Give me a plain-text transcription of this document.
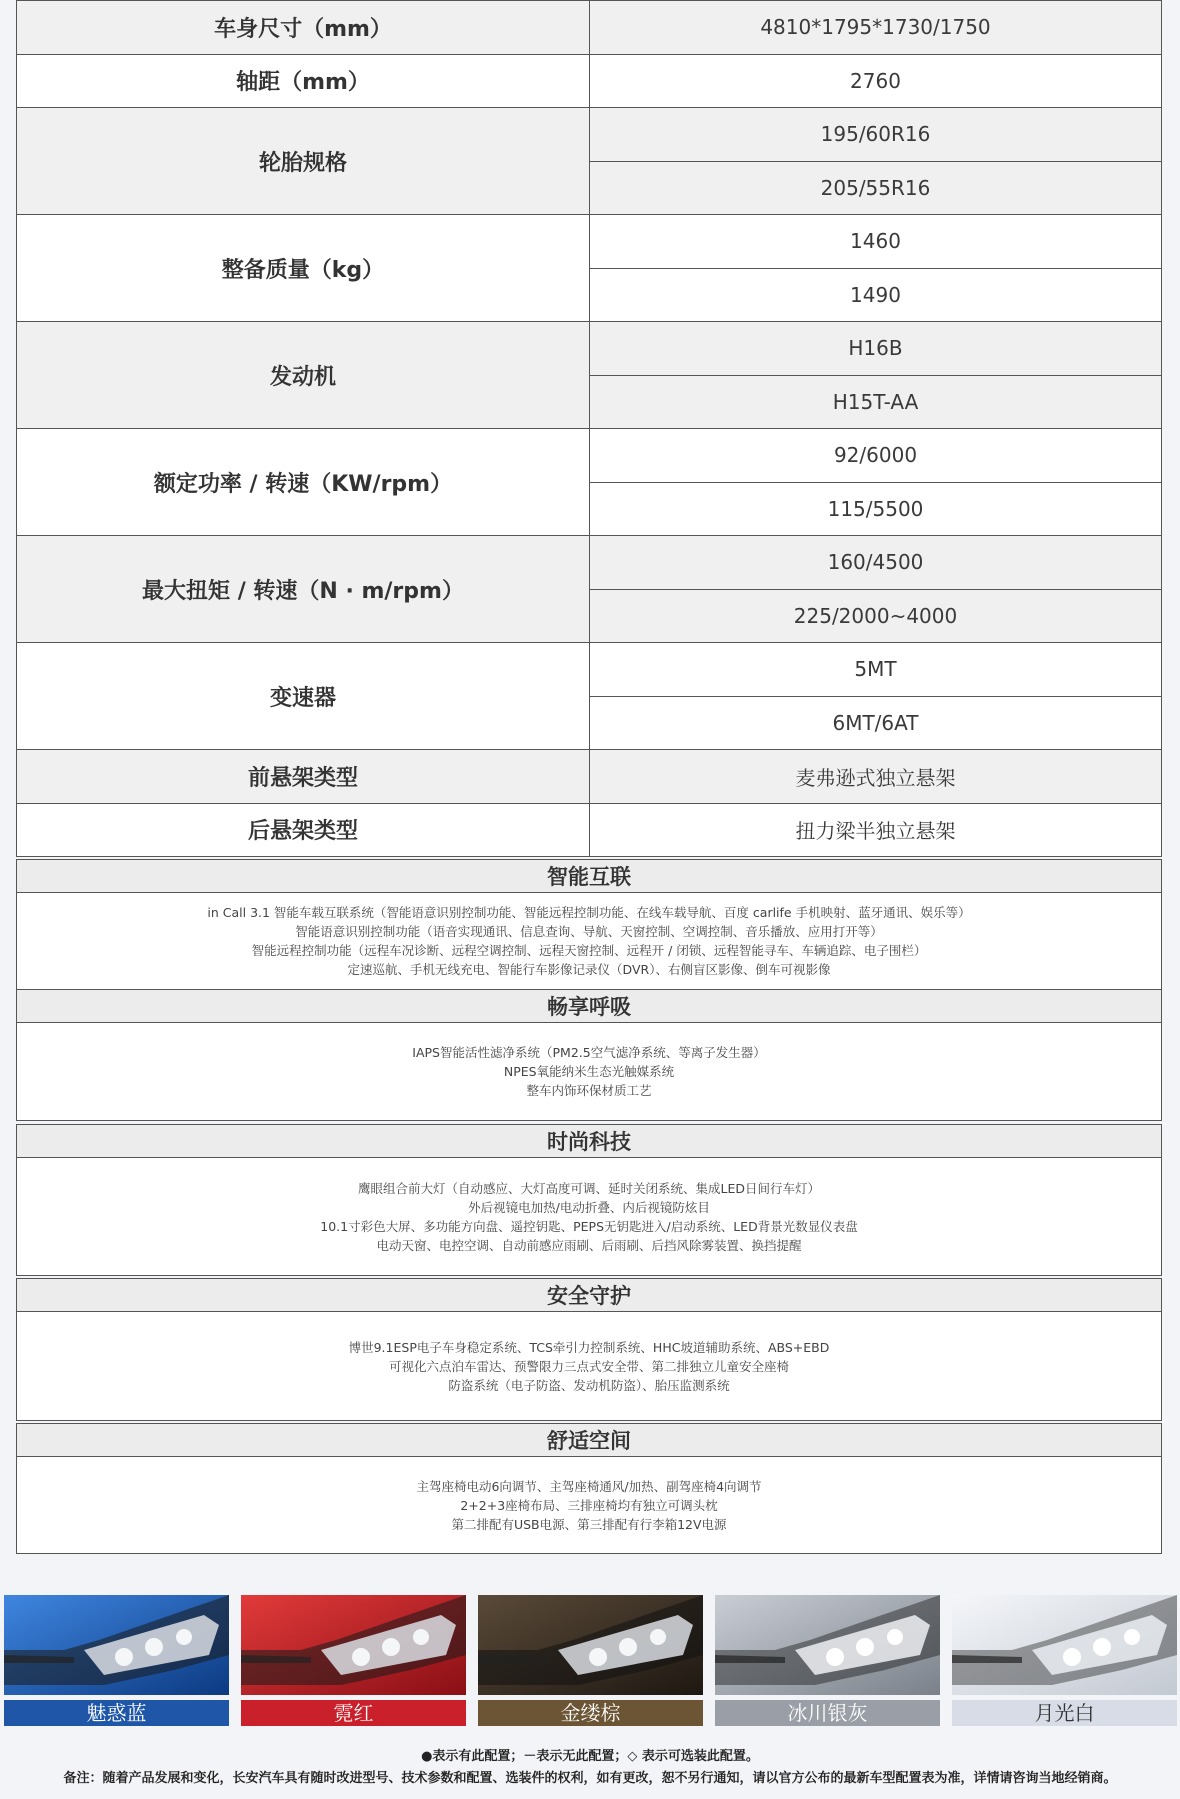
车身尺寸（mm）	4810*1795*1730/1750
轴距（mm）	2760
轮胎规格	195/60R16
	205/55R16
整备质量（kg）	1460
	1490
发动机	H16B
	H15T-AA
额定功率 / 转速（KW/rpm）	92/6000
	115/5500
最大扭矩 / 转速（N · m/rpm）	160/4500
	225/2000~4000
变速器	5MT
	6MT/6AT
前悬架类型	麦弗逊式独立悬架
后悬架类型	扭力梁半独立悬架
智能互联

in Call 3.1 智能车载互联系统（智能语意识别控制功能、智能远程控制功能、在线车载导航、百度 carlife 手机映射、蓝牙通讯、娱乐等）
智能语意识别控制功能（语音实现通讯、信息查询、导航、天窗控制、空调控制、音乐播放、应用打开等）
智能远程控制功能（远程车况诊断、远程空调控制、远程天窗控制、远程开 / 闭锁、远程智能寻车、车辆追踪、电子围栏）
定速巡航、手机无线充电、智能行车影像记录仪（DVR）、右侧盲区影像、倒车可视影像
畅享呼吸

IAPS智能活性滤净系统（PM2.5空气滤净系统、等离子发生器）
NPES氧能纳米生态光触媒系统
整车内饰环保材质工艺
时尚科技

鹰眼组合前大灯（自动感应、大灯高度可调、延时关闭系统、集成LED日间行车灯）
外后视镜电加热/电动折叠、内后视镜防炫目
10.1寸彩色大屏、多功能方向盘、遥控钥匙、PEPS无钥匙进入/启动系统、LED背景光数显仪表盘
电动天窗、电控空调、自动前感应雨刷、后雨刷、后挡风除雾装置、换挡提醒
安全守护

博世9.1ESP电子车身稳定系统、TCS牵引力控制系统、HHC坡道辅助系统、ABS+EBD
可视化六点泊车雷达、预警限力三点式安全带、第二排独立儿童安全座椅
防盗系统（电子防盗、发动机防盗）、胎压监测系统
舒适空间

主驾座椅电动6向调节、主驾座椅通风/加热、副驾座椅4向调节
2+2+3座椅布局、三排座椅均有独立可调头枕
第二排配有USB电源、第三排配有行李箱12V电源
魅惑蓝	霓红	金缕棕	冰川银灰	月光白
●表示有此配置；－表示无此配置；◇ 表示可选装此配置。
备注：随着产品发展和变化，长安汽车具有随时改进型号、技术参数和配置、选装件的权利，如有更改，恕不另行通知，请以官方公布的最新车型配置表为准，详情请咨询当地经销商。
